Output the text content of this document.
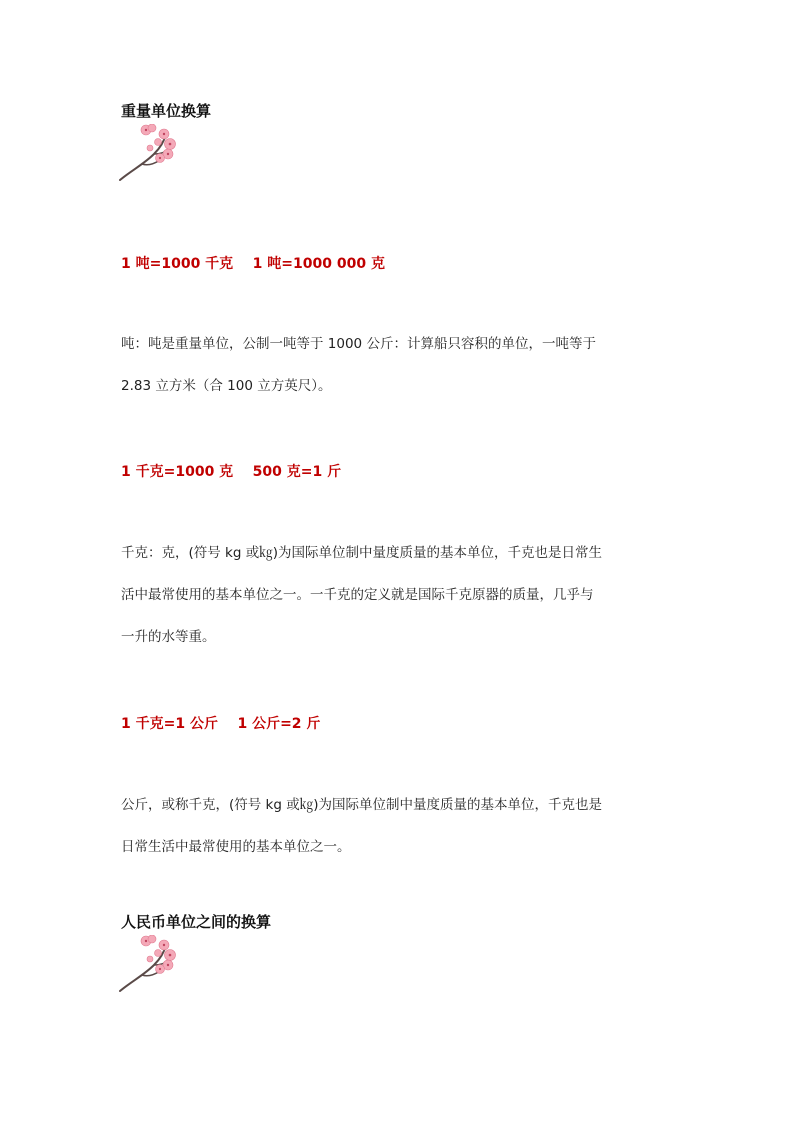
重量单位换算
1 吨=1000 千克    1 吨=1000 000 克

吨：吨是重量单位，公制一吨等于 1000 公斤：计算船只容积的单位，一吨等于

2.83 立方米（合 100 立方英尺）。

1 千克=1000 克    500 克=1 斤

千克：克，(符号 kg 或㎏)为国际单位制中量度质量的基本单位，千克也是日常生

活中最常使用的基本单位之一。一千克的定义就是国际千克原器的质量，几乎与

一升的水等重。

1 千克=1 公斤    1 公斤=2 斤

公斤，或称千克，(符号 kg 或㎏)为国际单位制中量度质量的基本单位，千克也是

日常生活中最常使用的基本单位之一。

人民币单位之间的换算
